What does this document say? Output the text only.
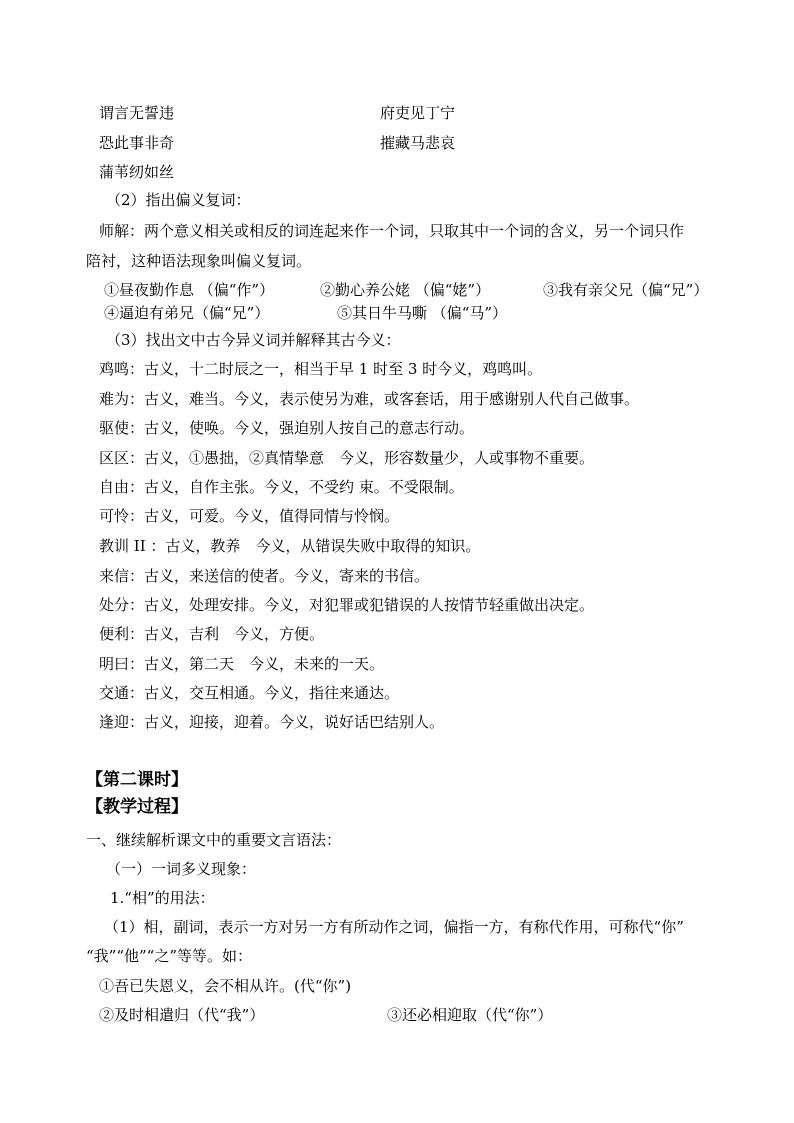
谓言无誓违	府吏见丁宁
恐此事非奇	摧藏马悲哀
蒲苇纫如丝
（2）指出偏义复词：
师解：两个意义相关或相反的词连起来作一个词，只取其中一个词的含义，另一个词只作
陪衬，这种语法现象叫偏义复词。
①昼夜勤作息 （偏“作”）	②勤心养公姥 （偏“姥”）	③我有亲父兄（偏“兄”）
④逼迫有弟兄（偏“兄”）	⑤其日牛马嘶 （偏“马”）
（3）找出文中古今异义词并解释其古今义：
鸡鸣：古义，十二时辰之一，相当于早 1 时至 3 时今义，鸡鸣叫。
难为：古义，难当。今义，表示使另为难，或客套话，用于感谢别人代自己做事。
驱使：古义，使唤。今义，强迫别人按自己的意志行动。
区区：古义，①愚拙，②真情挚意　今义，形容数量少，人或事物不重要。
自由：古义，自作主张。今义，不受约 束。不受限制。
可怜：古义，可爱。今义，值得同情与怜悯。
教训 II ：古义，教养　今义，从错误失败中取得的知识。
来信：古义，来送信的使者。今义，寄来的书信。
处分：古义，处理安排。今义，对犯罪或犯错误的人按情节轻重做出决定。
便利：古义，吉利　今义，方便。
明曰：古义，第二天　今义，未来的一天。
交通：古义，交互相通。今义，指往来通达。
逢迎：古义，迎接，迎着。今义，说好话巴结别人。
【第二课时】
【教学过程】
一、继续解析课文中的重要文言语法：
（一）一词多义现象：
1.“相”的用法：
（1）相，副词，表示一方对另一方有所动作之词，偏指一方，有称代作用，可称代“你”
“我”“他”“之”等等。如：
①吾已失恩义，会不相从许。(代“你”)
②及时相遣归（代“我”）	③还必相迎取（代“你”）
